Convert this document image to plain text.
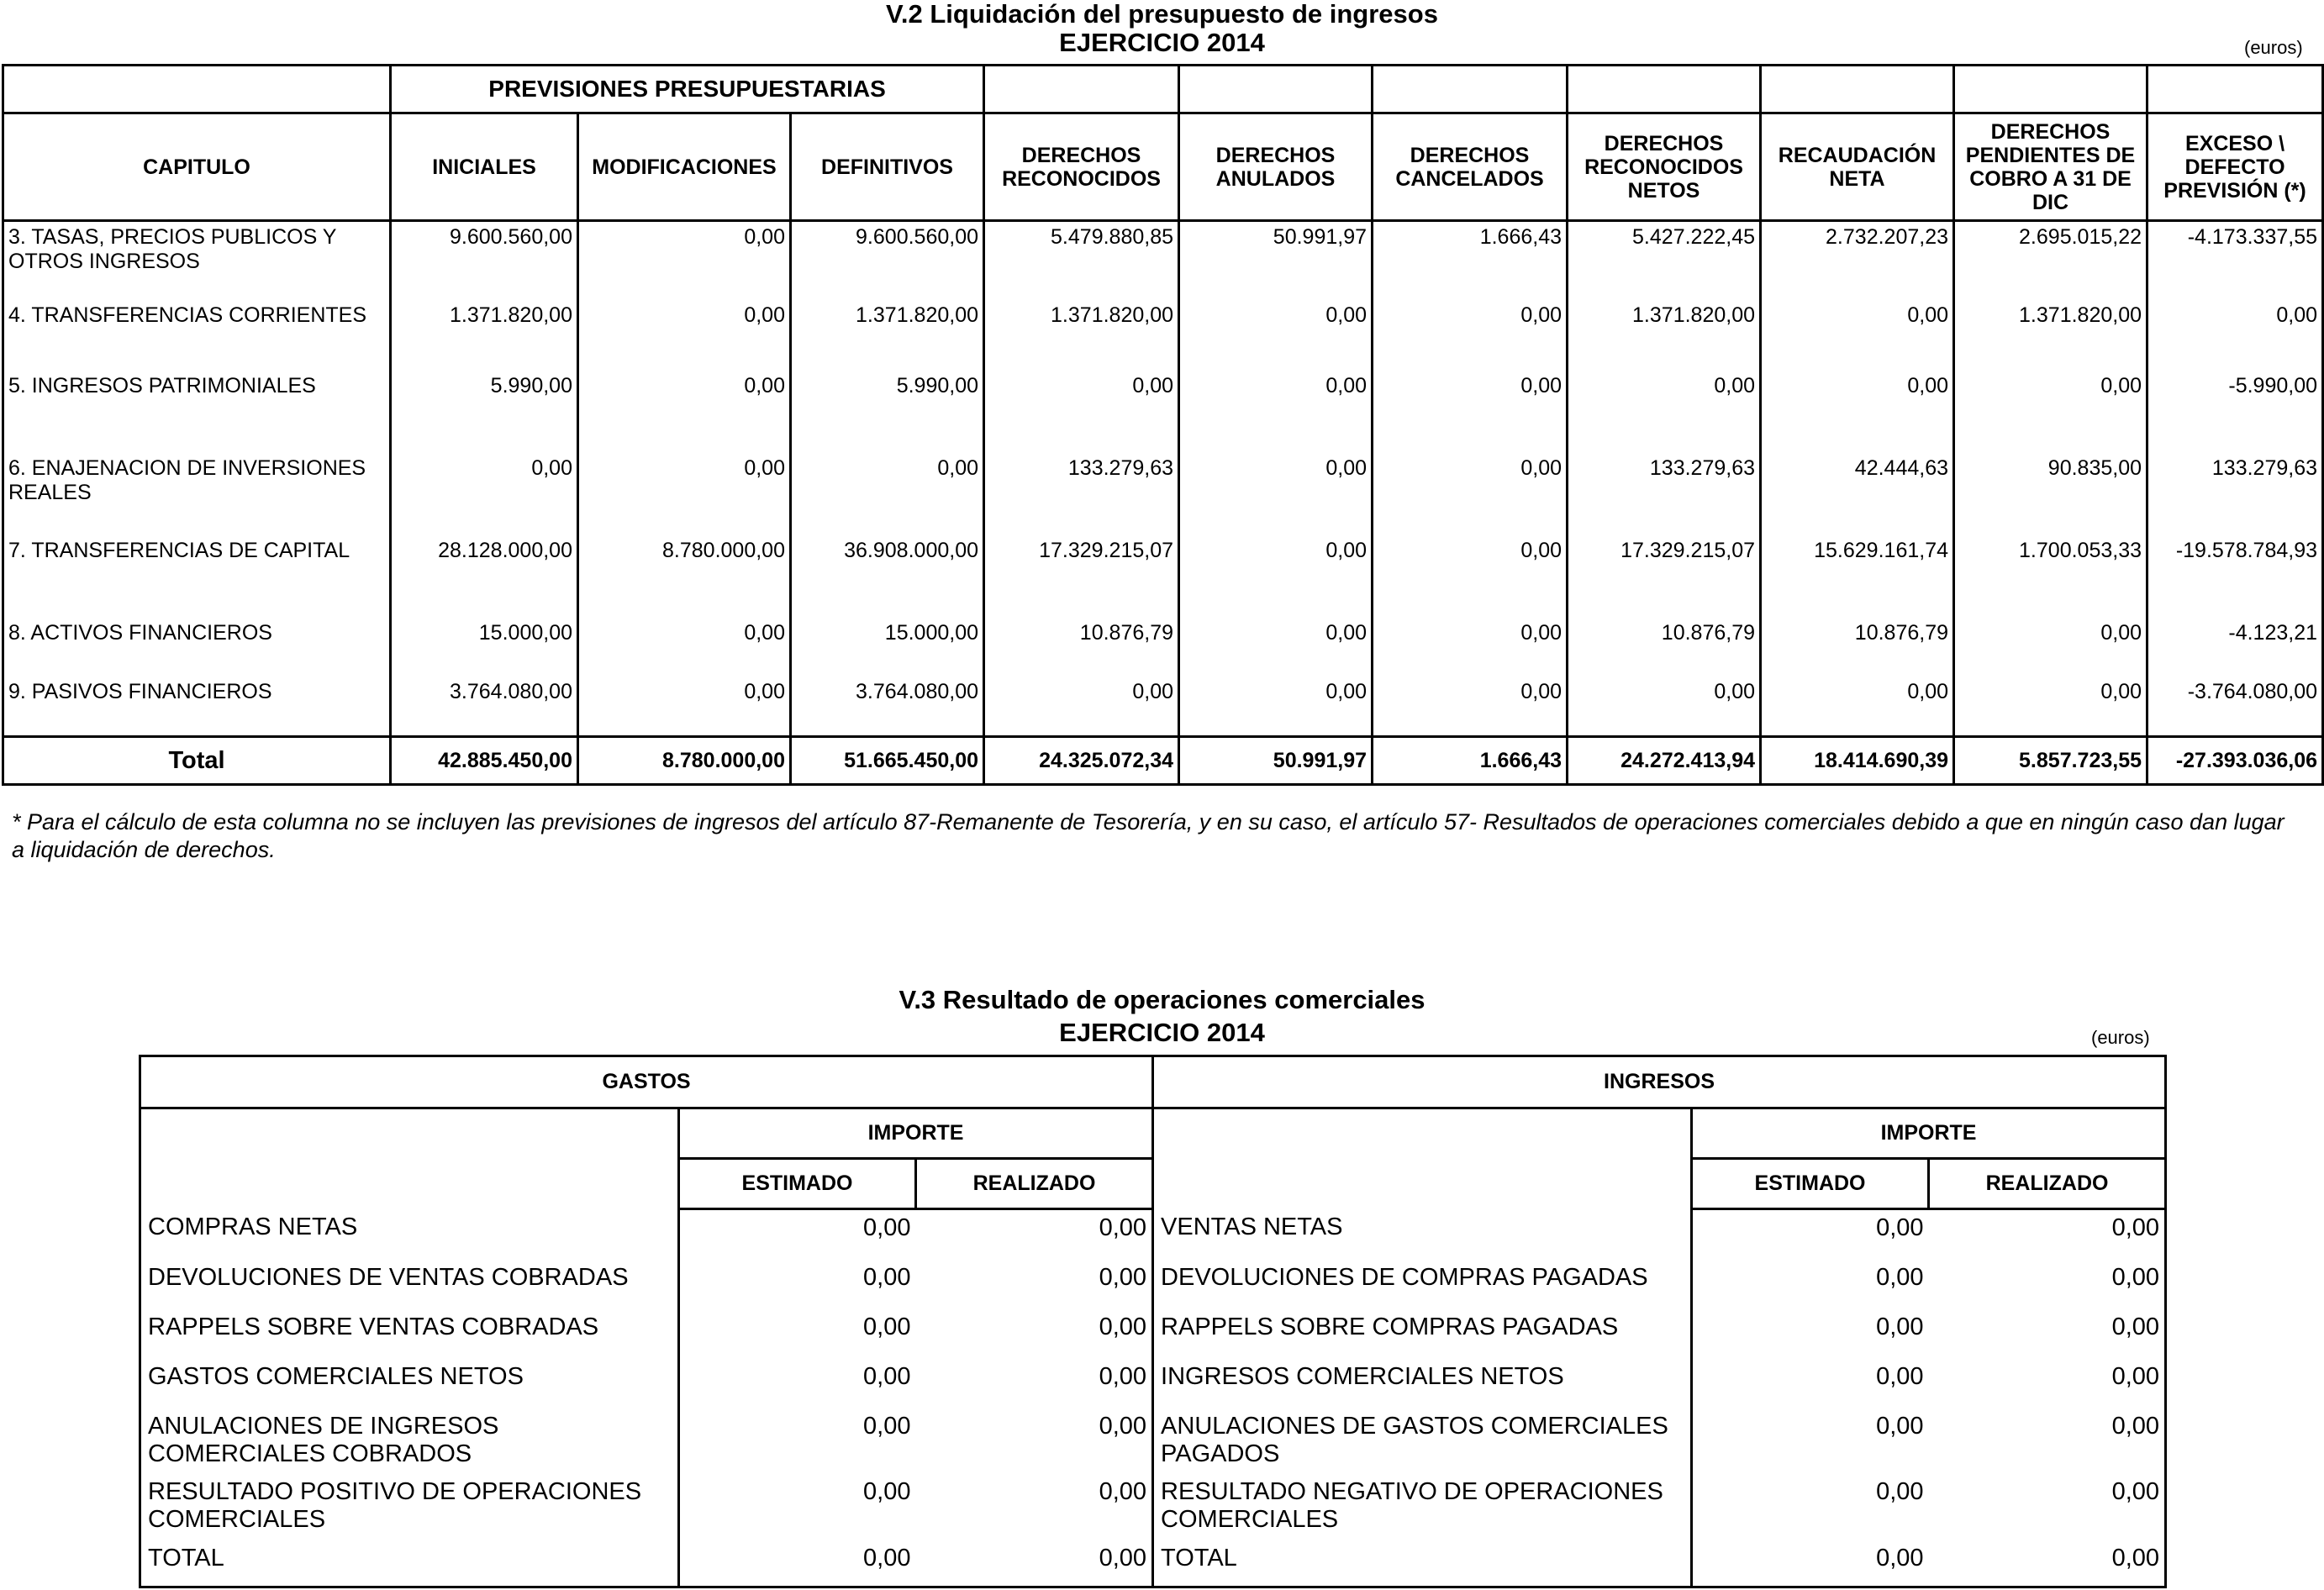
V.2 Liquidación del presupuesto de ingresos
EJERCICIO 2014	(euros)
	PREVISIONES PRESUPUESTARIAS									
CAPITULO	INICIALES	MODIFICACIONES	DEFINITIVOS	DERECHOS RECONOCIDOS	DERECHOS ANULADOS	DERECHOS CANCELADOS	DERECHOS RECONOCIDOS NETOS	RECAUDACIÓN NETA	DERECHOS PENDIENTES DE COBRO A 31 DE DIC	EXCESO \ DEFECTO PREVISIÓN (*)
3. TASAS, PRECIOS PUBLICOS Y OTROS INGRESOS	9.600.560,00	0,00	9.600.560,00	5.479.880,85	50.991,97	1.666,43	5.427.222,45	2.732.207,23	2.695.015,22	-4.173.337,55
4. TRANSFERENCIAS CORRIENTES	1.371.820,00	0,00	1.371.820,00	1.371.820,00	0,00	0,00	1.371.820,00	0,00	1.371.820,00	0,00
5. INGRESOS PATRIMONIALES	5.990,00	0,00	5.990,00	0,00	0,00	0,00	0,00	0,00	0,00	-5.990,00
6. ENAJENACION DE INVERSIONES REALES	0,00	0,00	0,00	133.279,63	0,00	0,00	133.279,63	42.444,63	90.835,00	133.279,63
7. TRANSFERENCIAS DE CAPITAL	28.128.000,00	8.780.000,00	36.908.000,00	17.329.215,07	0,00	0,00	17.329.215,07	15.629.161,74	1.700.053,33	-19.578.784,93
8. ACTIVOS FINANCIEROS	15.000,00	0,00	15.000,00	10.876,79	0,00	0,00	10.876,79	10.876,79	0,00	-4.123,21
9. PASIVOS FINANCIEROS	3.764.080,00	0,00	3.764.080,00	0,00	0,00	0,00	0,00	0,00	0,00	-3.764.080,00
Total	42.885.450,00	8.780.000,00	51.665.450,00	24.325.072,34	50.991,97	1.666,43	24.272.413,94	18.414.690,39	5.857.723,55	-27.393.036,06
* Para el cálculo de esta columna no se incluyen las previsiones de ingresos del artículo 87-Remanente de Tesorería, y en su caso, el artículo 57- Resultados de operaciones comerciales debido a que en ningún caso dan lugar a liquidación de derechos.
V.3 Resultado de operaciones comerciales
EJERCICIO 2014	(euros)
GASTOS			INGRESOS		
	IMPORTE			IMPORTE	
	ESTIMADO	REALIZADO		ESTIMADO	REALIZADO
COMPRAS NETAS	0,00	0,00	VENTAS NETAS	0,00	0,00
DEVOLUCIONES DE VENTAS COBRADAS	0,00	0,00	DEVOLUCIONES DE COMPRAS PAGADAS	0,00	0,00
RAPPELS SOBRE VENTAS COBRADAS	0,00	0,00	RAPPELS SOBRE COMPRAS PAGADAS	0,00	0,00
GASTOS COMERCIALES NETOS	0,00	0,00	INGRESOS COMERCIALES NETOS	0,00	0,00
ANULACIONES DE INGRESOS COMERCIALES COBRADOS	0,00	0,00	ANULACIONES DE GASTOS COMERCIALES PAGADOS	0,00	0,00
RESULTADO POSITIVO DE OPERACIONES COMERCIALES	0,00	0,00	RESULTADO NEGATIVO DE OPERACIONES COMERCIALES	0,00	0,00
TOTAL	0,00	0,00	TOTAL	0,00	0,00
